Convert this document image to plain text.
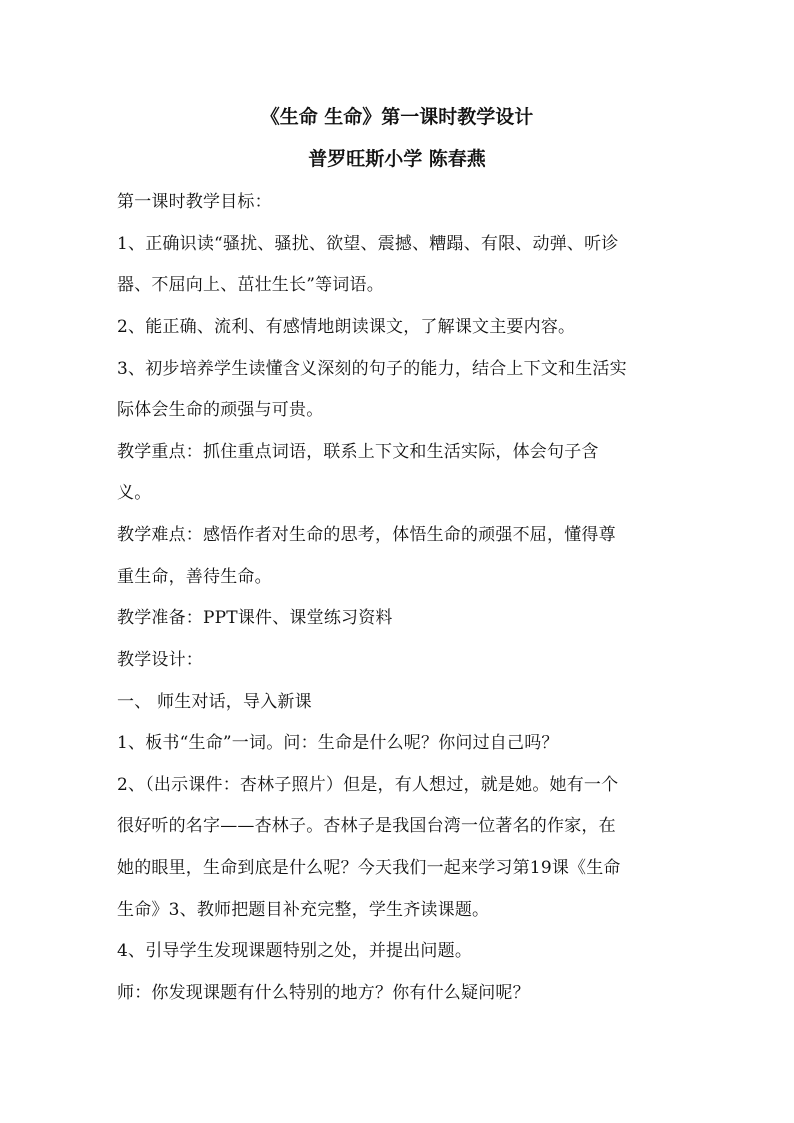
《生命 生命》第一课时教学设计
普罗旺斯小学 陈春燕
第一课时教学目标：
1、正确识读“骚扰、骚扰、欲望、震撼、糟蹋、有限、动弹、听诊
器、不屈向上、茁壮生长”等词语。
2、能正确、流利、有感情地朗读课文，了解课文主要内容。
3、初步培养学生读懂含义深刻的句子的能力，结合上下文和生活实
际体会生命的顽强与可贵。
教学重点：抓住重点词语，联系上下文和生活实际，体会句子含
义。
教学难点：感悟作者对生命的思考，体悟生命的顽强不屈，懂得尊
重生命，善待生命。
教学准备：PPT课件、课堂练习资料
教学设计：
一、 师生对话，导入新课
1、板书“生命”一词。问：生命是什么呢？你问过自己吗？
2、（出示课件：杏林子照片）但是，有人想过，就是她。她有一个
很好听的名字——杏林子。杏林子是我国台湾一位著名的作家，在
她的眼里，生命到底是什么呢？今天我们一起来学习第19课《生命
生命》3、教师把题目补充完整，学生齐读课题。
4、引导学生发现课题特别之处，并提出问题。
师：你发现课题有什么特别的地方？你有什么疑问呢？
